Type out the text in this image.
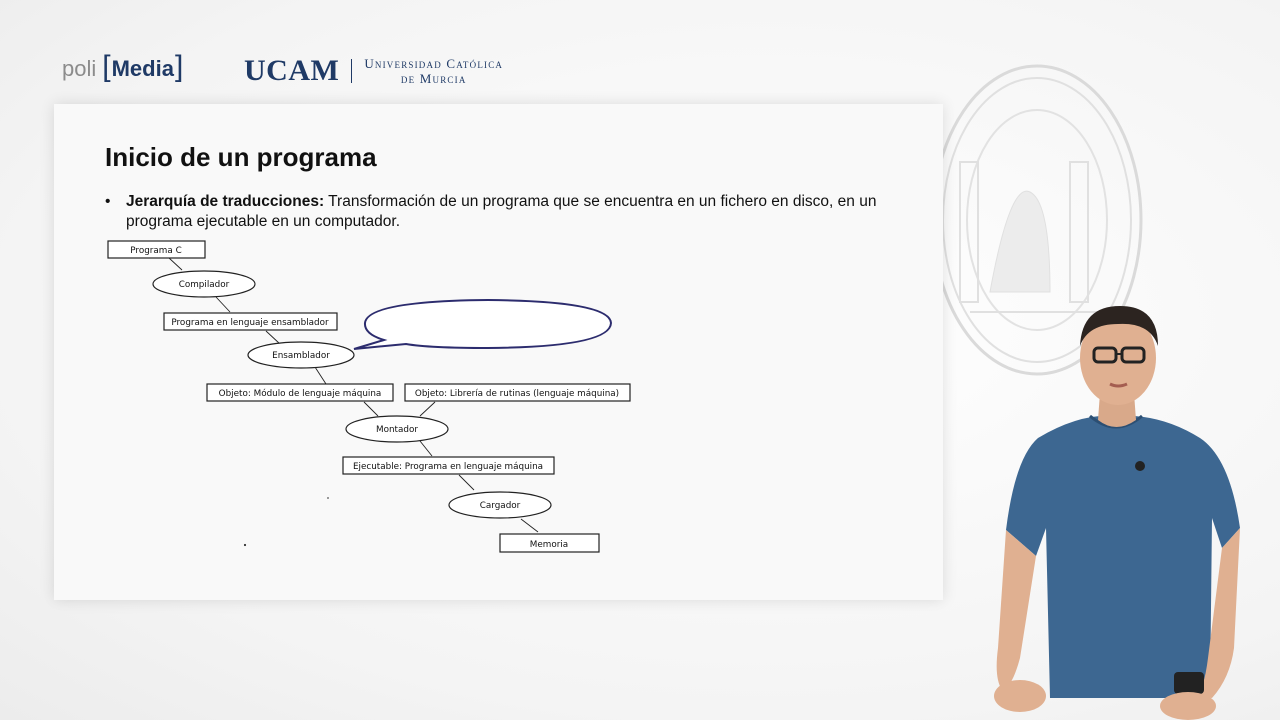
poli [ Media ] UCAM Universidad Católica
de Murcia
Inicio de un programa
•	Jerarquía de traducciones: Transformación de un programa que se encuentra en un fichero en disco, en un programa ejecutable en un computador.
Programa C
Compilador
Programa en lenguaje ensamblador
Ensamblador
Objeto: Módulo de lenguaje máquina	Objeto: Librería de rutinas (lenguaje máquina)
Montador
Ejecutable: Programa en lenguaje máquina
Cargador
Memoria
